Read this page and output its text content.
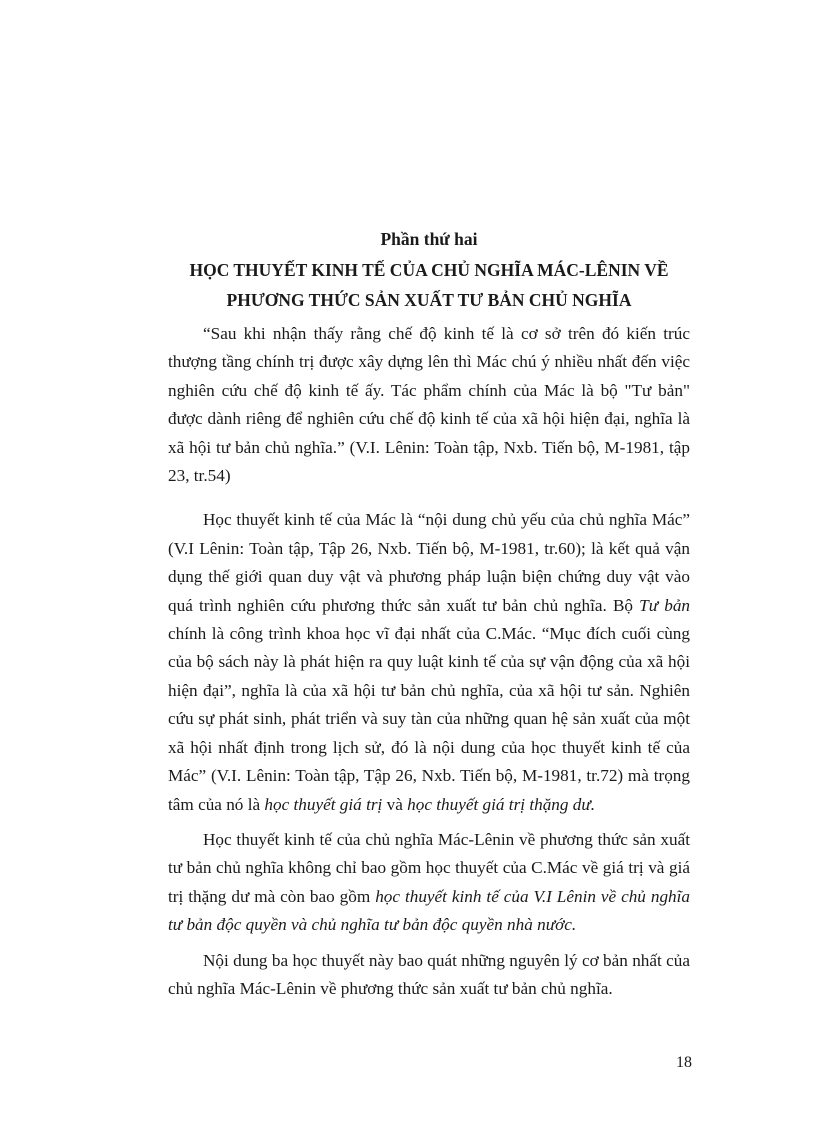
Phần thứ hai
HỌC THUYẾT KINH TẾ CỦA CHỦ NGHĨA MÁC-LÊNIN VỀ
PHƯƠNG THỨC SẢN XUẤT TƯ BẢN CHỦ NGHĨA

“Sau khi nhận thấy rằng chế độ kinh tế là cơ sở trên đó kiến trúc thượng tầng chính trị được xây dựng lên thì Mác chú ý nhiều nhất đến việc nghiên cứu chế độ kinh tế ấy. Tác phẩm chính của Mác là bộ "Tư bản" được dành riêng để nghiên cứu chế độ kinh tế của xã hội hiện đại, nghĩa là xã hội tư bản chủ nghĩa.” (V.I. Lênin: Toàn tập, Nxb. Tiến bộ, M-1981, tập 23, tr.54)

Học thuyết kinh tế của Mác là “nội dung chủ yếu của chủ nghĩa Mác” (V.I Lênin: Toàn tập, Tập 26, Nxb. Tiến bộ, M-1981, tr.60); là kết quả vận dụng thế giới quan duy vật và phương pháp luận biện chứng duy vật vào quá trình nghiên cứu phương thức sản xuất tư bản chủ nghĩa. Bộ Tư bản chính là công trình khoa học vĩ đại nhất của C.Mác. “Mục đích cuối cùng của bộ sách này là phát hiện ra quy luật kinh tế của sự vận động của xã hội hiện đại”, nghĩa là của xã hội tư bản chủ nghĩa, của xã hội tư sản. Nghiên cứu sự phát sinh, phát triển và suy tàn của những quan hệ sản xuất của một xã hội nhất định trong lịch sử, đó là nội dung của học thuyết kinh tế của Mác” (V.I. Lênin: Toàn tập, Tập 26, Nxb. Tiến bộ, M-1981, tr.72) mà trọng tâm của nó là học thuyết giá trị và học thuyết giá trị thặng dư.

Học thuyết kinh tế của chủ nghĩa Mác-Lênin về phương thức sản xuất tư bản chủ nghĩa không chỉ bao gồm học thuyết của C.Mác về giá trị và giá trị thặng dư mà còn bao gồm học thuyết kinh tế của V.I Lênin về chủ nghĩa tư bản độc quyền và chủ nghĩa tư bản độc quyền nhà nước.

Nội dung ba học thuyết này bao quát những nguyên lý cơ bản nhất của chủ nghĩa Mác-Lênin về phương thức sản xuất tư bản chủ nghĩa.

18
